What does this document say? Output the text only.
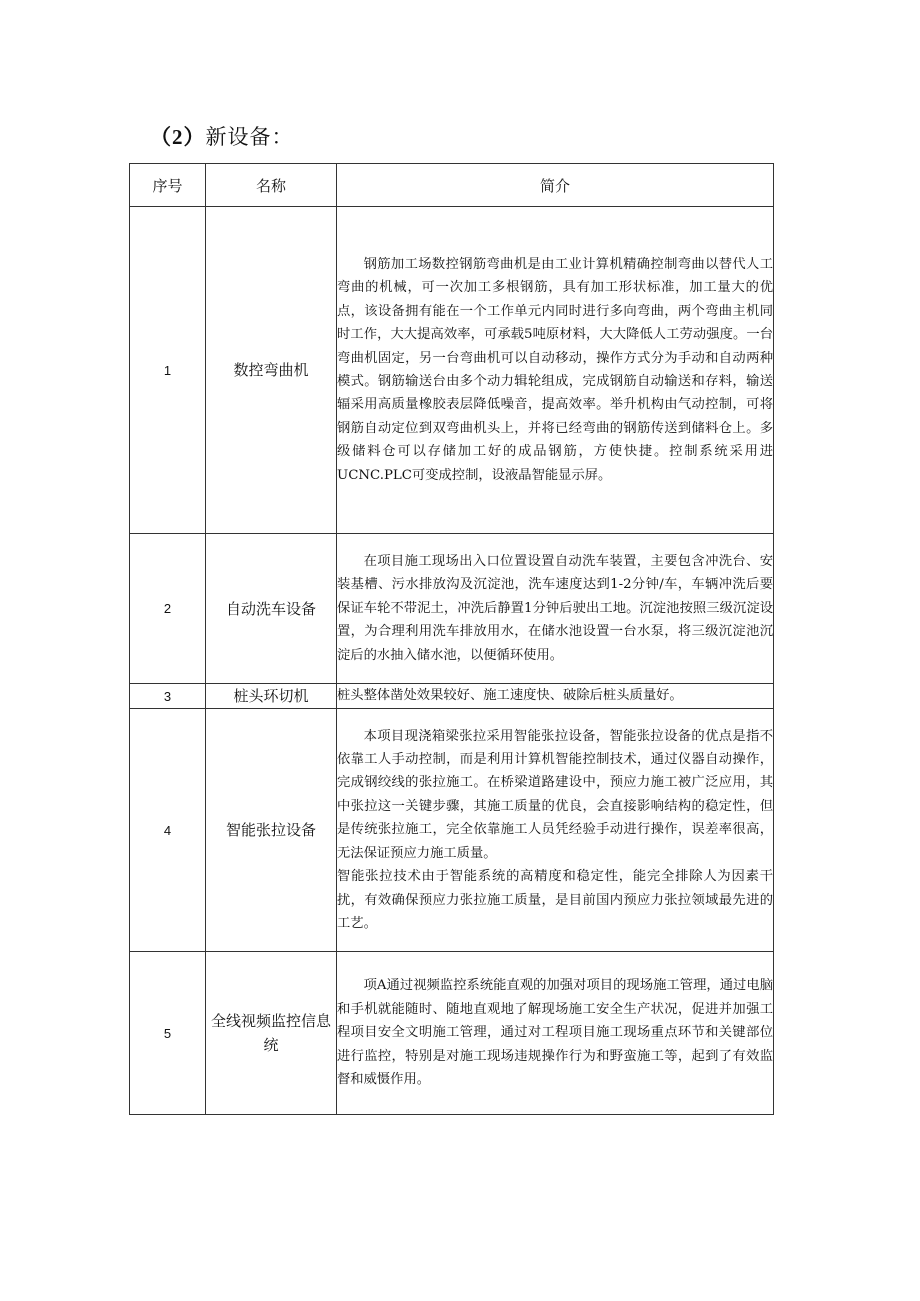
（2）新设备：
序号	名称	简介
1	数控弯曲机	钢筋加工场数控钢筋弯曲机是由工业计算机精确控制弯曲以替代人工弯曲的机械，可一次加工多根钢筋，具有加工形状标准，加工量大的优点，该设备拥有能在一个工作单元内同时进行多向弯曲，两个弯曲主机同时工作，大大提高效率，可承载5吨原材料，大大降低人工劳动强度。一台弯曲机固定，另一台弯曲机可以自动移动，操作方式分为手动和自动两种模式。钢筋输送台由多个动力辑轮组成，完成钢筋自动输送和存料，输送辐采用高质量橡胶表层降低噪音，提高效率。举升机构由气动控制，可将钢筋自动定位到双弯曲机头上，并将已经弯曲的钢筋传送到储料仓上。多级储料仓可以存储加工好的成品钢筋，方使快捷。控制系统采用进UCNC.PLC可变成控制，设液晶智能显示屏。

2	自动洗车设备	在项目施工现场出入口位置设置自动洗车装置，主要包含冲洗台、安装基槽、污水排放沟及沉淀池，洗车速度达到1-2分钟/车，车辆冲洗后要保证车轮不带泥土，冲洗后静置1分钟后驶出工地。沉淀池按照三级沉淀设置，为合理利用洗车排放用水，在储水池设置一台水泵，将三级沉淀池沉淀后的水抽入储水池，以便循环使用。

3	桩头环切机	桩头整体凿处效果较好、施工速度快、破除后桩头质量好。

4	智能张拉设备	本项目现浇箱梁张拉采用智能张拉设备，智能张拉设备的优点是指不依靠工人手动控制，而是利用计算机智能控制技术，通过仪器自动操作，完成钢绞线的张拉施工。在桥梁道路建设中，预应力施工被广泛应用，其中张拉这一关键步骤，其施工质量的优良，会直接影响结构的稳定性，但是传统张拉施工，完全依靠施工人员凭经验手动进行操作，误差率很高，无法保证预应力施工质量。

智能张拉技术由于智能系统的高精度和稳定性，能完全排除人为因素干扰，有效确保预应力张拉施工质量，是目前国内预应力张拉领域最先进的工艺。

5	全线视频监控信息统	项A通过视频监控系统能直观的加强对项目的现场施工管理，通过电脑和手机就能随时、随地直观地了解现场施工安全生产状况，促进并加强工程项目安全文明施工管理，通过对工程项目施工现场重点环节和关键部位进行监控，特别是对施工现场违规操作行为和野蛮施工等，起到了有效监督和威慑作用。
